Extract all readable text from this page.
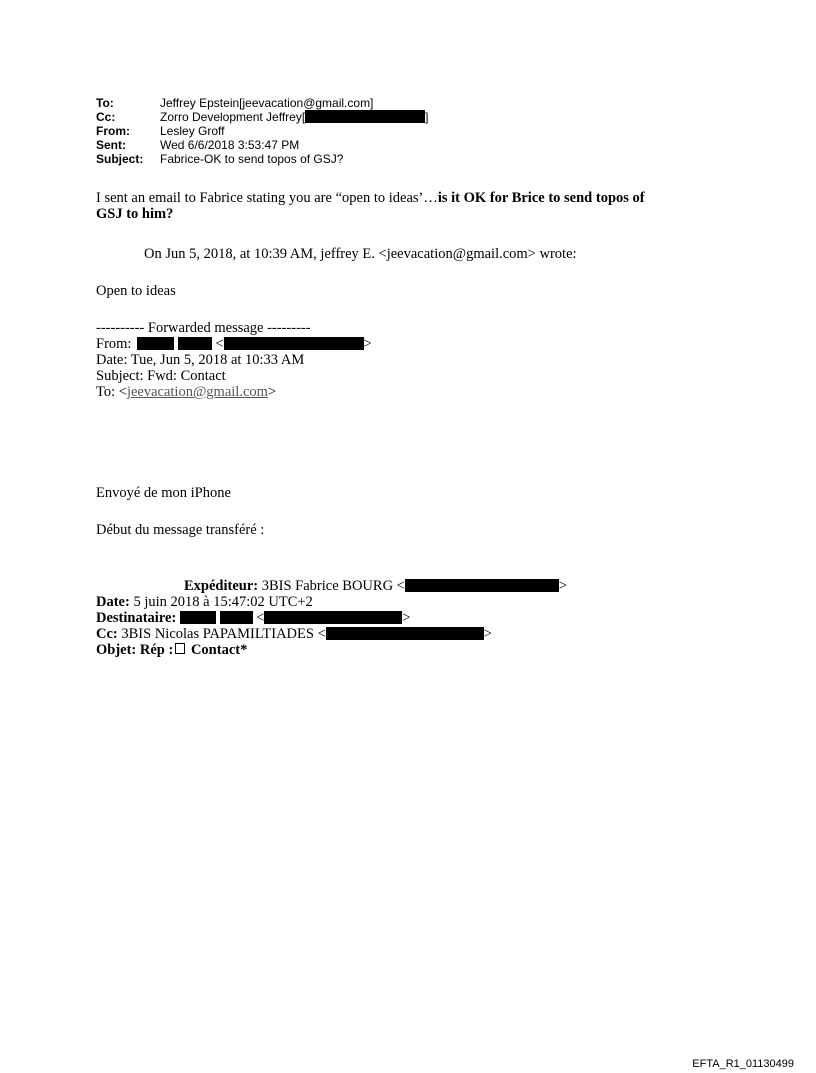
To:	Jeffrey Epstein[jeevacation@gmail.com]
Cc:	Zorro Development Jeffrey[	]
From:	Lesley Groff
Sent:	Wed 6/6/2018 3:53:47 PM
Subject:	Fabrice-OK to send topos of GSJ?
I sent an email to Fabrice stating you are “open to ideas’…is it OK for Brice to send topos of
GSJ to him?
On Jun 5, 2018, at 10:39 AM, jeffrey E. <jeevacation@gmail.com> wrote:
Open to ideas
---------- Forwarded message ---------
From:	<	>
Date: Tue, Jun 5, 2018 at 10:33 AM
Subject: Fwd: Contact
To: <jeevacation@gmail.com>
Envoyé de mon iPhone
Début du message transféré :
Expéditeur: 3BIS Fabrice BOURG <	>
Date: 5 juin 2018 à 15:47:02 UTC+2
Destinataire:	<	>
Cc: 3BIS Nicolas PAPAMILTIADES <	>
Objet: Rép : Contact*
EFTA_R1_01130499
